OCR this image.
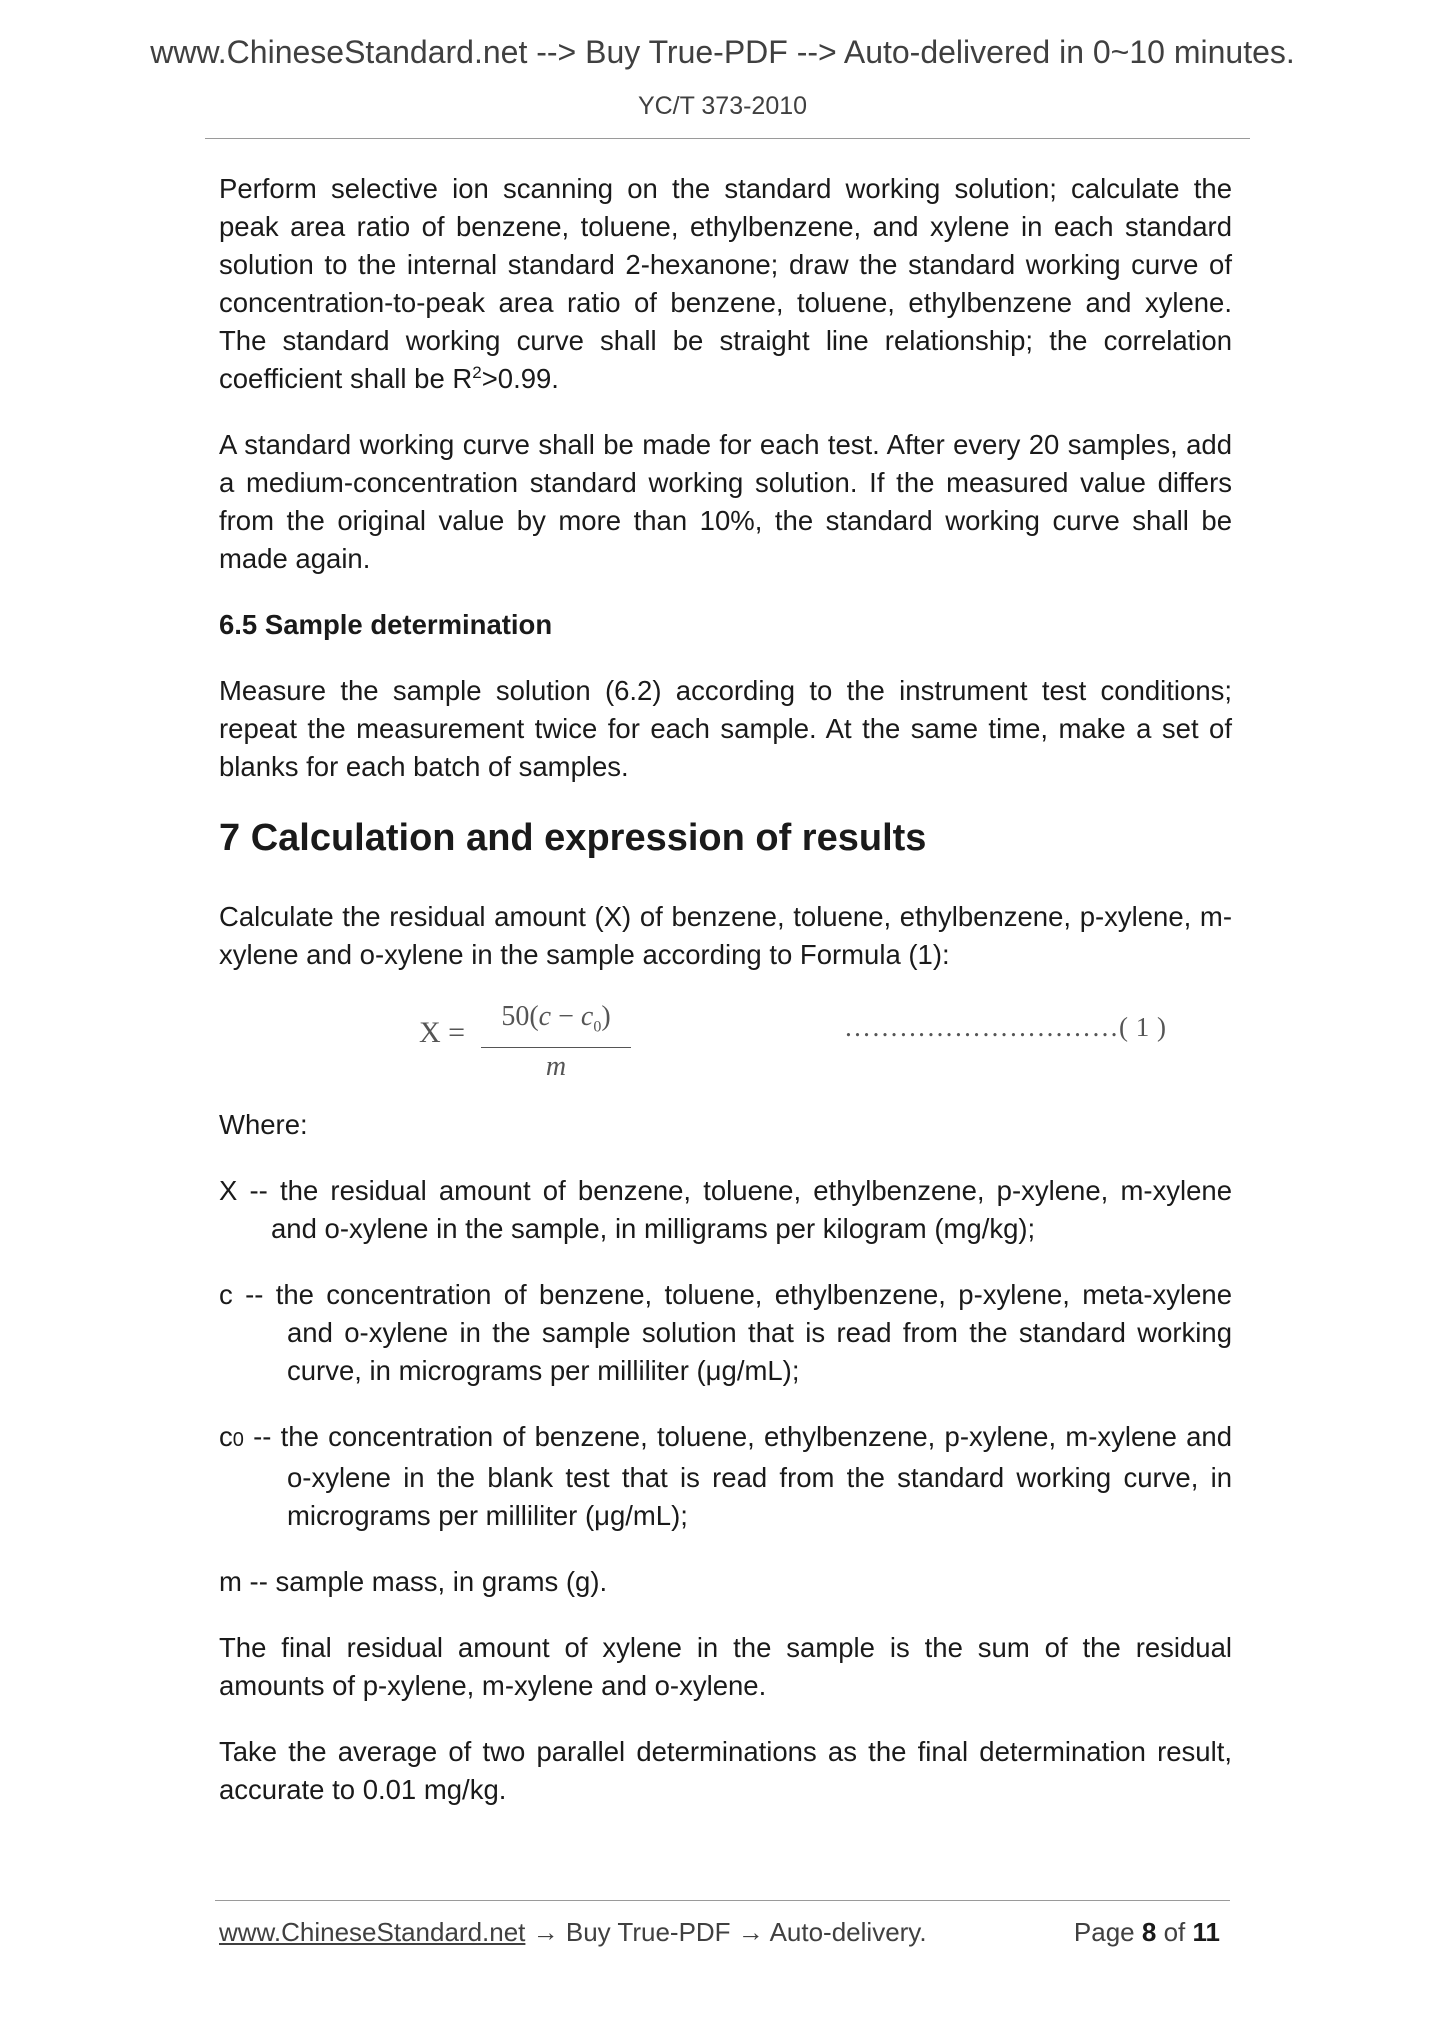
www.ChineseStandard.net --> Buy True-PDF --> Auto-delivered in 0~10 minutes.
YC/T 373-2010

Perform selective ion scanning on the standard working solution; calculate the peak area ratio of benzene, toluene, ethylbenzene, and xylene in each standard solution to the internal standard 2-hexanone; draw the standard working curve of concentration-to-peak area ratio of benzene, toluene, ethylbenzene and xylene. The standard working curve shall be straight line relationship; the correlation coefficient shall be $R^2>0.99$.

A standard working curve shall be made for each test. After every 20 samples, add a medium-concentration standard working solution. If the measured value differs from the original value by more than 10%, the standard working curve shall be made again.

6.5 Sample determination

Measure the sample solution (6.2) according to the instrument test conditions; repeat the measurement twice for each sample. At the same time, make a set of blanks for each batch of samples.

7 Calculation and expression of results

Calculate the residual amount (X) of benzene, toluene, ethylbenzene, p-xylene, m-xylene and o-xylene in the sample according to Formula (1):

$X = \frac{50(c - c_0)}{m}$	…………………………( 1 )

Where:

X -- the residual amount of benzene, toluene, ethylbenzene, p-xylene, m-xylene and o-xylene in the sample, in milligrams per kilogram (mg/kg);

c -- the concentration of benzene, toluene, ethylbenzene, p-xylene, meta-xylene and o-xylene in the sample solution that is read from the standard working curve, in micrograms per milliliter (μg/mL);

c0 -- the concentration of benzene, toluene, ethylbenzene, p-xylene, m-xylene and o-xylene in the blank test that is read from the standard working curve, in micrograms per milliliter (μg/mL);

m -- sample mass, in grams (g).

The final residual amount of xylene in the sample is the sum of the residual amounts of p-xylene, m-xylene and o-xylene.

Take the average of two parallel determinations as the final determination result, accurate to 0.01 mg/kg.

www.ChineseStandard.net → Buy True-PDF → Auto-delivery.	Page 8 of 11
